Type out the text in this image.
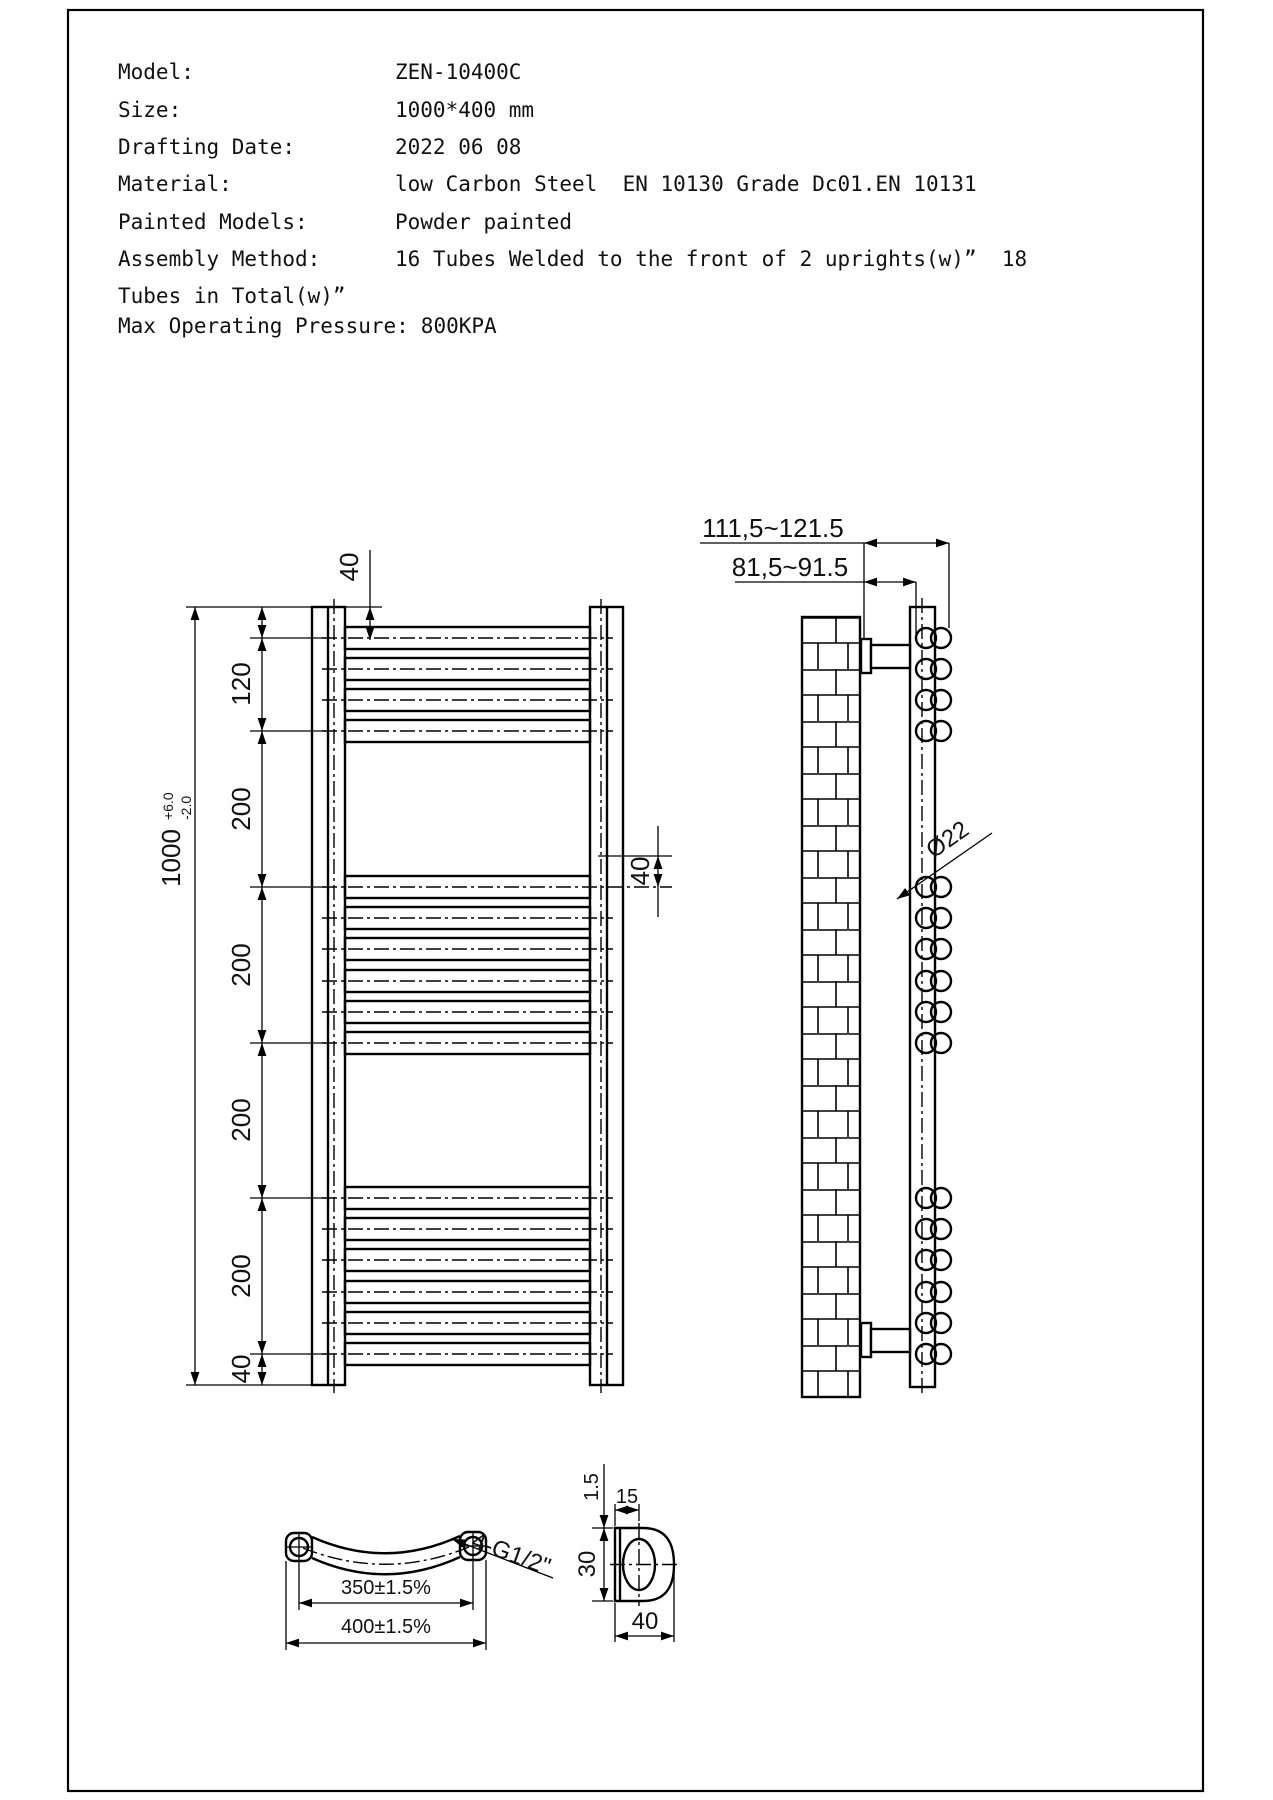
Model:	ZEN-10400C
Size:	1000*400 mm
Drafting Date:	2022 06 08
Material:	low Carbon Steel  EN 10130 Grade Dc01.EN 10131
Painted Models:	Powder painted
Assembly Method:	16 Tubes Welded to the front of 2 uprights(w)”  18
Tubes in Total(w)”
Max Operating Pressure: 800KPA
1000
+6.0 -2.0
120
200
200
200
200
40
40
40
111,5~121.5
81,5~91.5
Ø22
350±1.5%
400±1.5%
4-G1/2"
15
1.5
30
40
